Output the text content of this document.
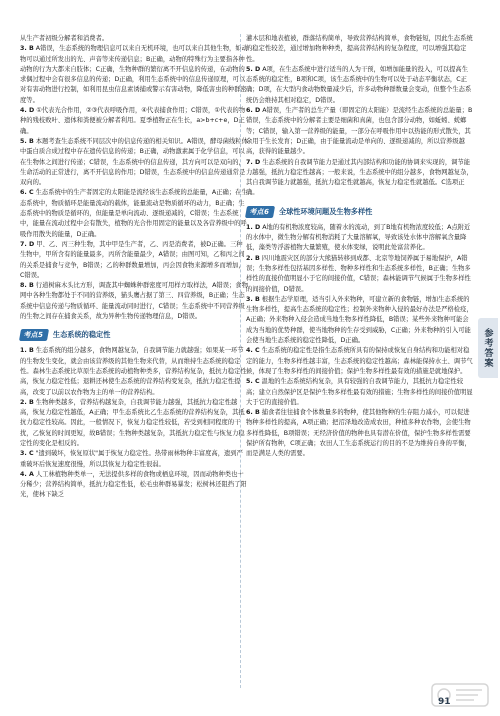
从生产者初级分解者和消费者。

3. B A错误，生态系统的物理信息可以来自无机环境，也可以来自其他生物，如动物可以通过所发出的光、声音等来传递信息；B正确，动物的特殊行为主要指各种动物的行为大都来自肢体；C正确，生物种群的繁衍离不开信息的传递，在动物的求偶过程中会有很多信息的传递；D正确，利用生态系统中的信息传递原理，可以对有害动物进行控制，如利用昆虫信息素诱捕或警示有害动物，降低害虫的种群密度等。
4. D ①代表光合作用，②③代表呼吸作用，④代表捕食作用；C错误，①代表的物种的残枝败叶、遗体和粪便被分解者利用。夏季植物正在生长，a>b+c+e，D正确。
5. B 本题考查生态系统不同层次中的信息传递的相关知识。A错误，酵母菌线粒体中蛋白质合成过程中存在遗传信息的传递；B正确，动物激素属于化学信息，可以在生物体之间进行传递；C错误，生态系统中的信息传递，其方向可以是双向的，生命活动的正常进行，离不开信息的作用；D错误，生态系统中的信息传递通常是双向的。
6. C 生态系统中的生产者固定的太阳能是流经该生态系统的总能量，A正确；在生态系统中，物质循环是能量流动的载体，能量流动是物质循环的动力，B正确；生态系统中的物质是循环的，但能量是单向流动、逐级递减的，C错误；生态系统中，能量在流动过程中会有散失，植物的光合作用固定的能量以及各营养级中的呼吸作用散失的能量，D正确。
7. D 甲、乙、丙三种生物，其中甲是生产者，乙、丙是消费者，被D正确。三种生物中，甲所含有的能量最多，丙所含能量最少，A错误；由图可知，乙和丙之间的关系是捕食与竞争，B错误；乙的种群数量增加，丙会因食物来源增多而增加，C错误。
8. B 行道树麻木头比方形，调查其中蜘蛛种群密度可用样方取样法，A错误；食物网中各种生物都处于不同的营养级，猫头鹰占据了第三、四营养级，B正确；生态系统中信息传递与物质循环、能量流动同时进行，C错误；生态系统中不同营养级的生物之间存在捕食关系，故为异种生物传递物理信息，D错误。
考点5	生态系统的稳定性
1. B 生态系统的组分越多，食物网越复杂，自我调节能力就越强；如果某一环节的生物发生变化，就会由该营养级的其他生物来代替，从而维持生态系统的稳定性。森林生态系统比草原生态系统的动植物种类多，营养结构复杂，抵抗力稳定性高，恢复力稳定性低；退耕还林使生态系统的营养结构变复杂，抵抗力稳定性提高，改变了以前以农作物为主的单一的营养结构。
2. B 生物种类越多，营养结构越复杂，自我调节能力越强，其抵抗力稳定性越高，恢复力稳定性越低，A正确；甲生态系统比乙生态系统的营养结构复杂，其抵抗力稳定性较高。因此，一般情况下，恢复力稳定性较低，若受到相同程度的干扰，乙恢复的时间更短，故B错误；生物种类越复杂，其抵抗力稳定性与恢复力稳定性的变化是相反的。
3. C "遗到破坏，恢复原状"属于恢复力稳定性。热带雨林物种丰富度高，遗到严重破坏后恢复速度很慢，所以其恢复力稳定性很弱。
4. A 人工林植物种类单一，无法提供多样的食物或栖息环境，因而动物种类也十分稀少；营养结构简单，抵抗力稳定性低，松毛虫种群易暴发；松树林还阻挡了阳光，使林下缺乏
灌木层和地表植被，群落结构简单，导致营养结构简单，食物链短，因此生态系统的稳定性较差，通过增加物种种类，提高营养结构的复杂程度，可以增强其稳定性。
5. D A项，在生态系统中进行适当的人为干预，如增加能量的投入，可以提高生态系统的稳定性，B项和C项，该生态系统中的生物可以处于动态平衡状态，C正确；D项，在大型内食动物数量减少后，许多动物种群数量会变动，但整个生态系统仍会维持其相对稳定，D错误。
6. D A错误，生产者的总生产量（即固定的太阳能）是流经生态系统的总能量；B错误，生态系统中的分解者主要是细菌和真菌，也包含部分动物，如蚯蚓、蜣螂等；C错误，输入第一营养级的能量，一部分在呼吸作用中以热能的形式散失，其余用于生长发育；D正确，由于能量流动是单向的、逐级递减的，所以营养级越高，获得的能量越少。
7. D 生态系统的自我调节能力是通过其内部结构和功能的协调来实现的，调节能力越强，抵抗力稳定性越高；一般来说，生态系统中的组分越多，食物网越复杂，其自我调节能力就越强，抵抗力稳定性就越高，恢复力稳定性就越低。C选项正确。
考点6	全球性环境问题及生物多样性
1. D A地的有机物浓度较高，随着水的流动，到了B地有机物浓度较低；A点附近的水体中，微生物分解有机物消耗了大量溶解氧，导致该处水体中溶解氧含量降低，藻类等浮游植物大量繁殖，使水体变绿，说明此处富营养化。
2. B 四川地震灾区的部分大熊猫转移到成都、北京等地饲养属于易地保护，A错误；生物多样性包括基因多样性、物种多样性和生态系统多样性，B正确；生物多样性的直接价值明显小于它的间接价值，C错误；森林能调节气候属于生物多样性的间接价值，D错误。
3. B 根据生态学原理，适当引入外来物种，可建立新的食物链，增加生态系统的生物多样性，提高生态系统的稳定性；控制外来物种入侵的最好办法是严格检疫，A正确；外来物种入侵会造成当地生物多样性降低，B错误；某些外来物种可能会成为当地的优势种群，使当地物种的生存受到威胁，C正确；外来物种的引入可能会使当地生态系统的稳定性降低，D正确。
4. C 生态系统的稳定性是指生态系统所具有的保持或恢复自身结构和功能相对稳定的能力，生物多样性越丰富，生态系统的稳定性越高；森林能保持水土、调节气候，体现了生物多样性的间接价值；保护生物多样性最有效的措施是就地保护。
5. C 温地的生态系统结构复杂，具有较强的自我调节能力，其抵抗力稳定性较高；建立自然保护区是保护生物多样性最有效的措施；生物多样性的间接价值明显大于它的直接价值。
6. B 捕食者往往捕食个体数量多的物种，使其他物种的生存阻力减小，可以促进物种多样性的提高，A项正确；把沼泽地改造成农田，种植多种农作物，会使生物多样性降低，B项错误；无经济价值的物种也具有潜在价值，保护生物多样性需要保护所有物种，C项正确；农田人工生态系统运行的目的不是为维持自身的平衡，而是满足人类的需要。
参考答案
91
